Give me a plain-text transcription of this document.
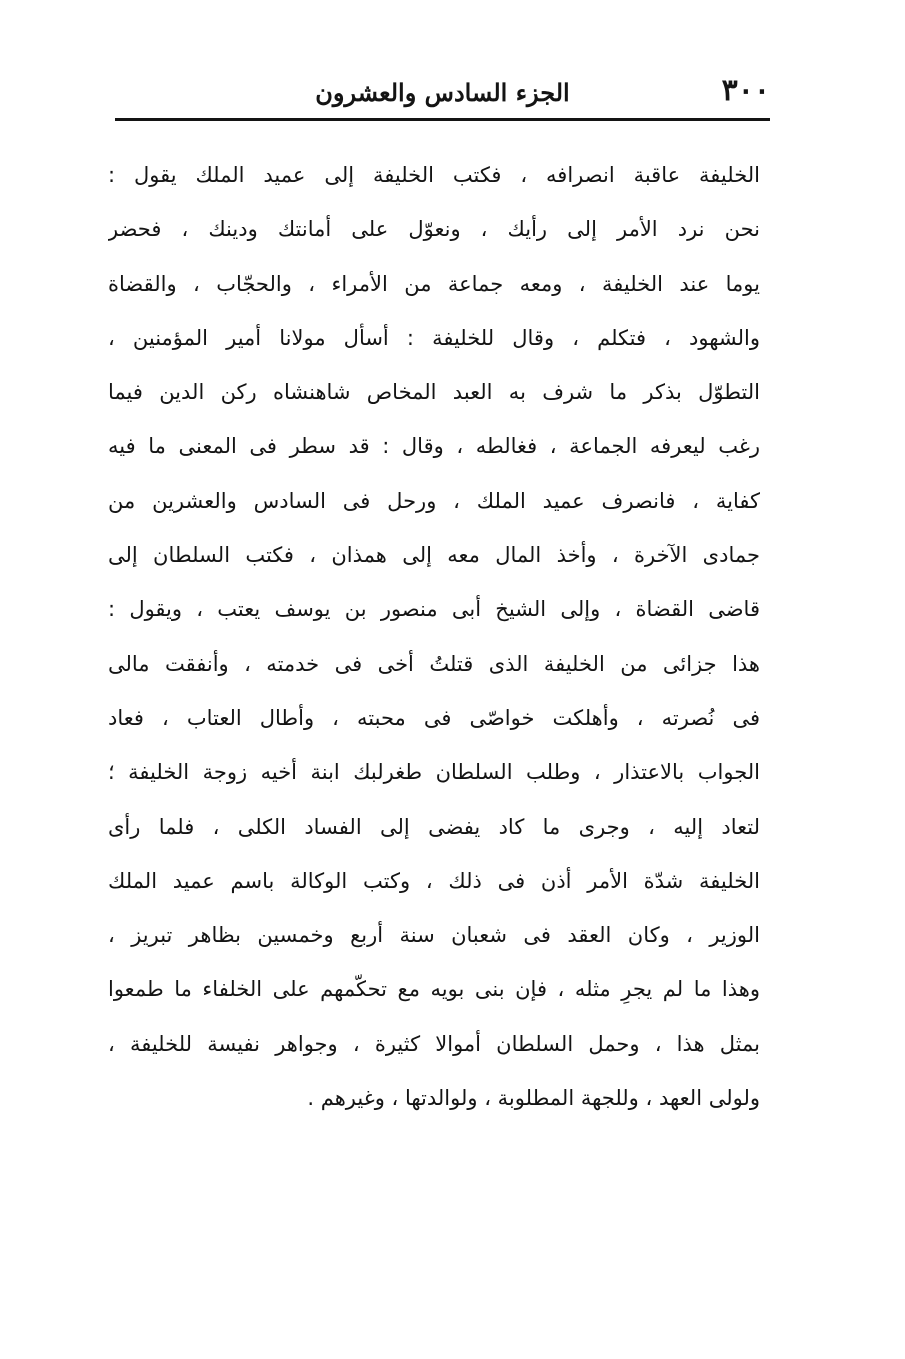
٣٠٠
الجزء السادس والعشرون
الخليفة عاقبة انصرافه ، فكتب الخليفة إلى عميد الملك يقول :
نحن نرد الأمر إلى رأيك ، ونعوّل على أمانتك ودينك ، فحضر
يوما عند الخليفة ، ومعه جماعة من الأمراء ، والحجّاب ، والقضاة
والشهود ، فتكلم ، وقال للخليفة : أسأل مولانا أمير المؤمنين ،
التطوّل بذكر ما شرف به العبد المخاص شاهنشاه ركن الدين فيما
رغب ليعرفه الجماعة ، فغالطه ، وقال : قد سطر فى المعنى ما فيه
كفاية ، فانصرف عميد الملك ، ورحل فى السادس والعشرين من
جمادى الآخرة ، وأخذ المال معه إلى همذان ، فكتب السلطان إلى
قاضى القضاة ، وإلى الشيخ أبى منصور بن يوسف يعتب ، ويقول :
هذا جزائى من الخليفة الذى قتلتُ أخى فى خدمته ، وأنفقت مالى
فى نُصرته ، وأهلكت خواصّى فى محبته ، وأطال العتاب ، فعاد
الجواب بالاعتذار ، وطلب السلطان طغرلبك ابنة أخيه زوجة الخليفة ؛
لتعاد إليه ، وجرى ما كاد يفضى إلى الفساد الكلى ، فلما رأى
الخليفة شدّة الأمر أذن فى ذلك ، وكتب الوكالة باسم عميد الملك
الوزير ، وكان العقد فى شعبان سنة أربع وخمسين بظاهر تبريز ،
وهذا ما لم يجرِ مثله ، فإن بنى بويه مع تحكّمهم على الخلفاء ما طمعوا
بمثل هذا ، وحمل السلطان أموالا كثيرة ، وجواهر نفيسة للخليفة ،
ولولى العهد ، وللجهة المطلوبة ، ولوالدتها ، وغيرهم .
